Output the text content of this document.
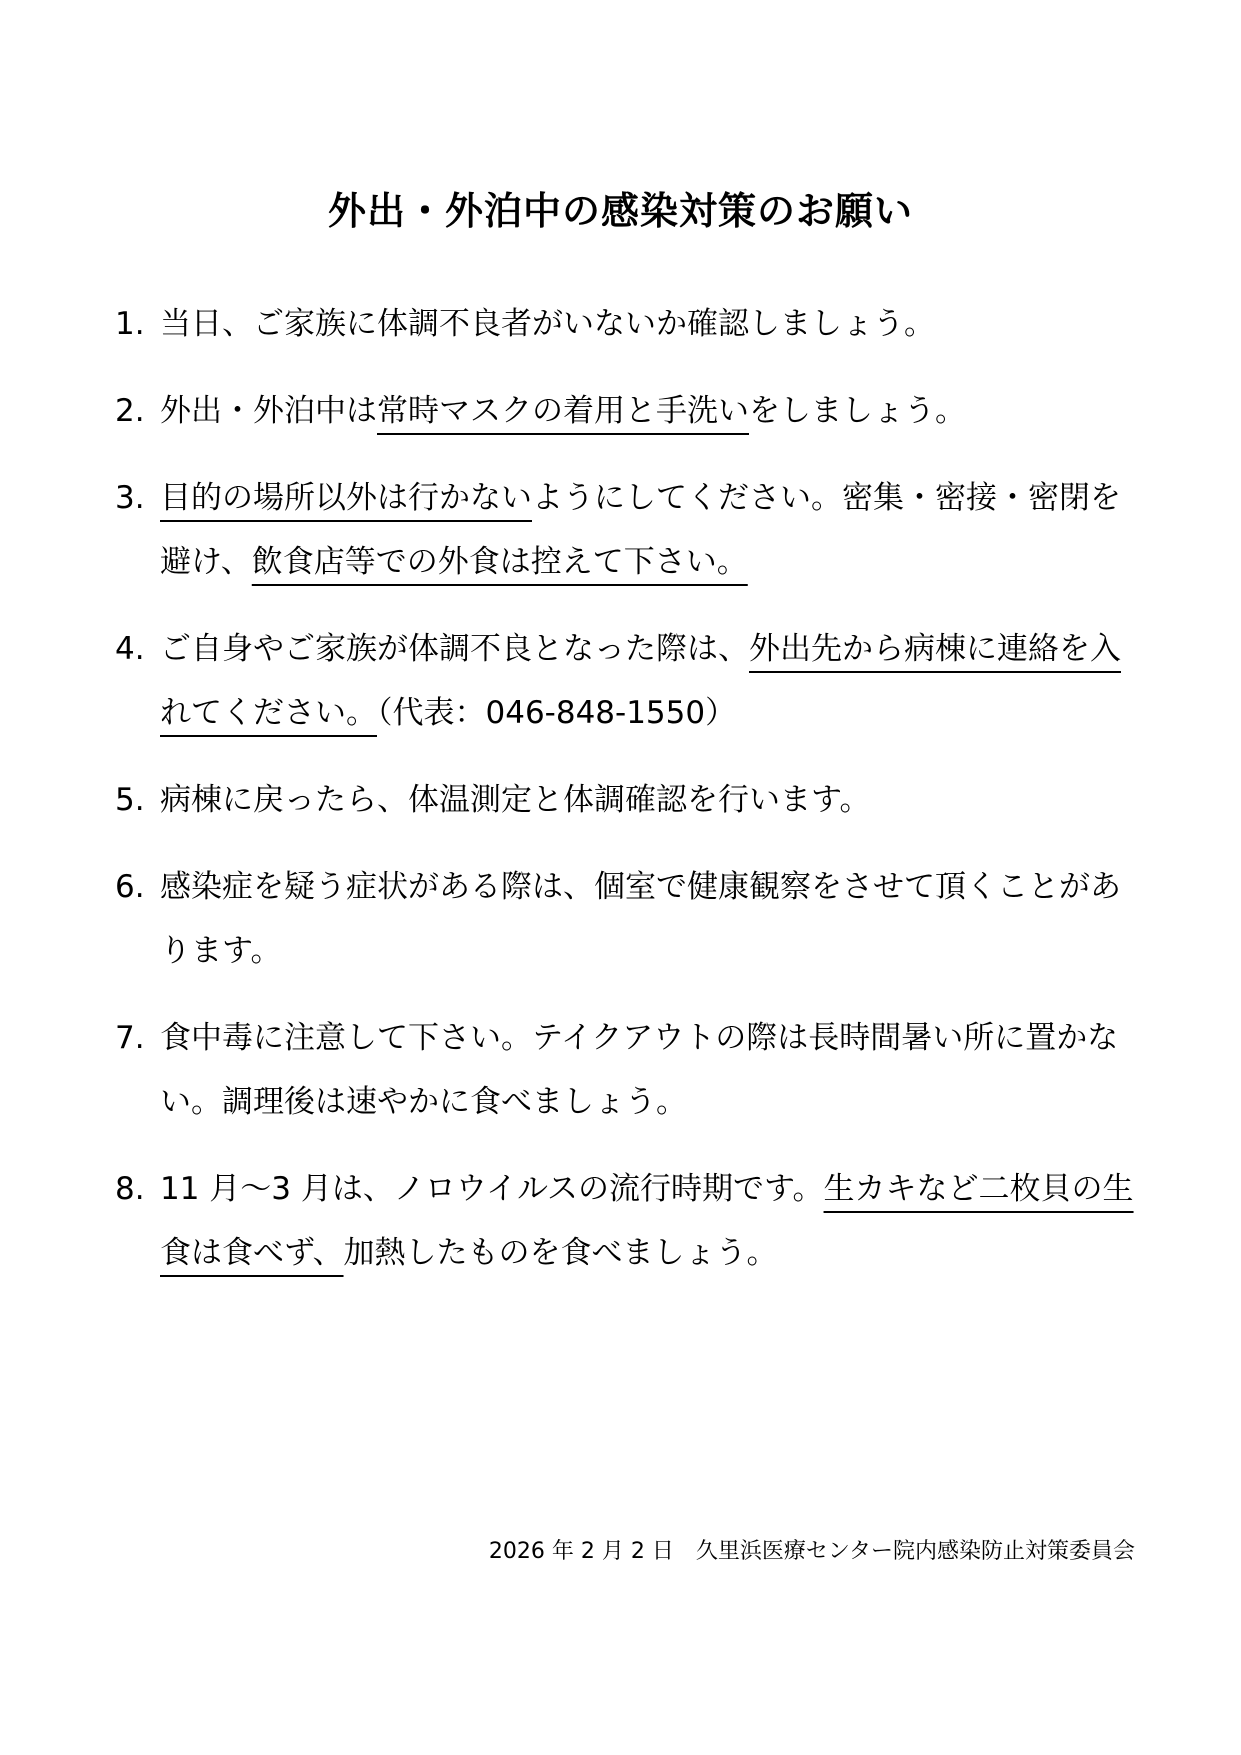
外出・外泊中の感染対策のお願い
1. 当日、ご家族に体調不良者がいないか確認しましょう。
2. 外出・外泊中は常時マスクの着用と手洗いをしましょう。
3. 目的の場所以外は行かないようにしてください。密集・密接・密閉を避け、飲食店等での外食は控えて下さい。
4. ご自身やご家族が体調不良となった際は、外出先から病棟に連絡を入れてください。（代表：046-848-1550）
5. 病棟に戻ったら、体温測定と体調確認を行います。
6. 感染症を疑う症状がある際は、個室で健康観察をさせて頂くことがあります。
7. 食中毒に注意して下さい。テイクアウトの際は長時間暑い所に置かない。調理後は速やかに食べましょう。
8. 11 月～3 月は、ノロウイルスの流行時期です。生カキなど二枚貝の生食は食べず、加熱したものを食べましょう。
2026 年 2 月 2 日　久里浜医療センター院内感染防止対策委員会
